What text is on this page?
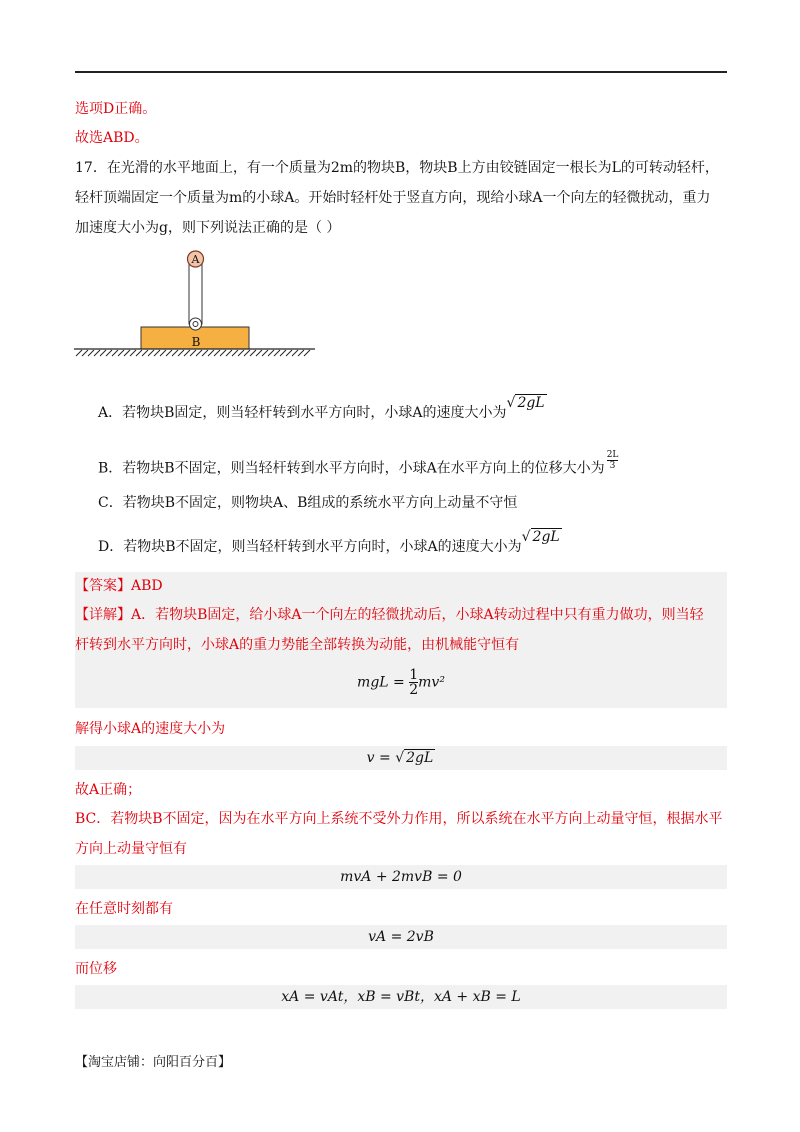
选项D正确。
故选ABD。
17．在光滑的水平地面上，有一个质量为2m的物块B，物块B上方由铰链固定一根长为L的可转动轻杆，
轻杆顶端固定一个质量为m的小球A。开始时轻杆处于竖直方向，现给小球A一个向左的轻微扰动，重力
加速度大小为g，则下列说法正确的是（ ）
A
B
A．若物块B固定，则当轻杆转到水平方向时，小球A的速度大小为√ 2gL
B．若物块B不固定，则当轻杆转到水平方向时，小球A在水平方向上的位移大小为 $\frac{2L}{3}$
C．若物块B不固定，则物块A、B组成的系统水平方向上动量不守恒
D．若物块B不固定，则当轻杆转到水平方向时，小球A的速度大小为√ 2gL
【答案】ABD
【详解】A．若物块B固定，给小球A一个向左的轻微扰动后，小球A转动过程中只有重力做功，则当轻
杆转到水平方向时，小球A的重力势能全部转换为动能，由机械能守恒有
mgL = $\frac{1}{2} mv^2$
解得小球A的速度大小为
v = √ 2gL
故A正确；
BC．若物块B不固定，因为在水平方向上系统不受外力作用，所以系统在水平方向上动量守恒，根据水平
方向上动量守恒有
mvA + 2mvB = 0
在任意时刻都有
vA = 2vB
而位移
xA = vAt，xB = vBt，xA + xB = L
【淘宝店铺：向阳百分百】
